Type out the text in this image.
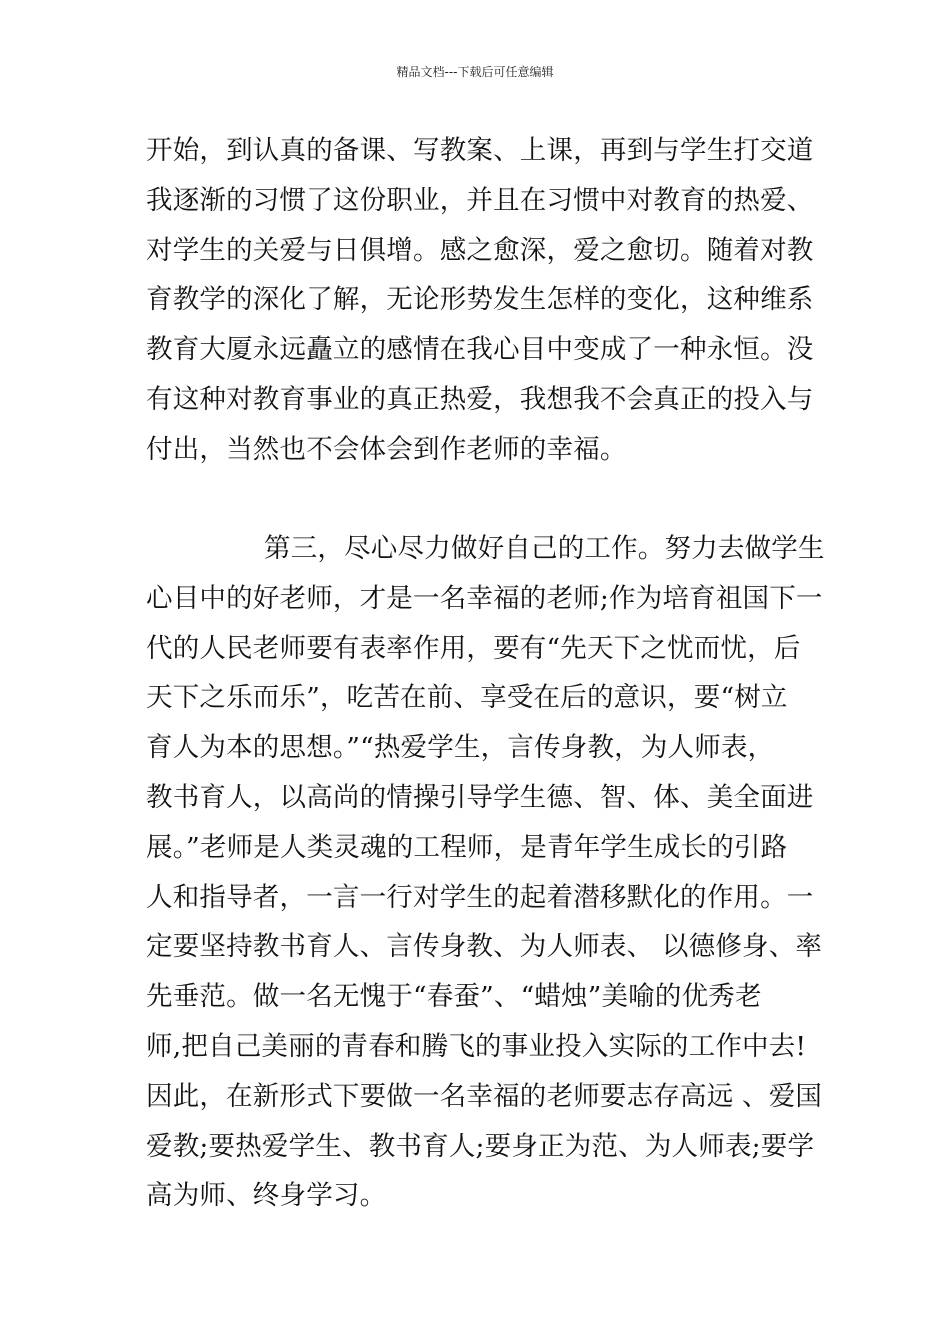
精品文档---下载后可任意编辑
开始，到认真的备课、写教案、上课，再到与学生打交道
我逐渐的习惯了这份职业，并且在习惯中对教育的热爱、
对学生的关爱与日俱增。感之愈深，爱之愈切。随着对教
育教学的深化了解，无论形势发生怎样的变化，这种维系
教育大厦永远矗立的感情在我心目中变成了一种永恒。没
有这种对教育事业的真正热爱，我想我不会真正的投入与
付出，当然也不会体会到作老师的幸福。
第三，尽心尽力做好自己的工作。努力去做学生
心目中的好老师，才是一名幸福的老师;作为培育祖国下一
代的人民老师要有表率作用，要有“先天下之忧而忧，后
天下之乐而乐”，吃苦在前、享受在后的意识，要“树立
育人为本的思想。”“热爱学生，言传身教，为人师表，
教书育人，以高尚的情操引导学生德、智、体、美全面进
展。”老师是人类灵魂的工程师，是青年学生成长的引路
人和指导者，一言一行对学生的起着潜移默化的作用。一
定要坚持教书育人、言传身教、为人师表、 以德修身、率
先垂范。做一名无愧于“春蚕”、“蜡烛”美喻的优秀老
师,把自己美丽的青春和腾飞的事业投入实际的工作中去!
因此，在新形式下要做一名幸福的老师要志存高远 、爱国
爱教;要热爱学生、教书育人;要身正为范、为人师表;要学
高为师、终身学习。
